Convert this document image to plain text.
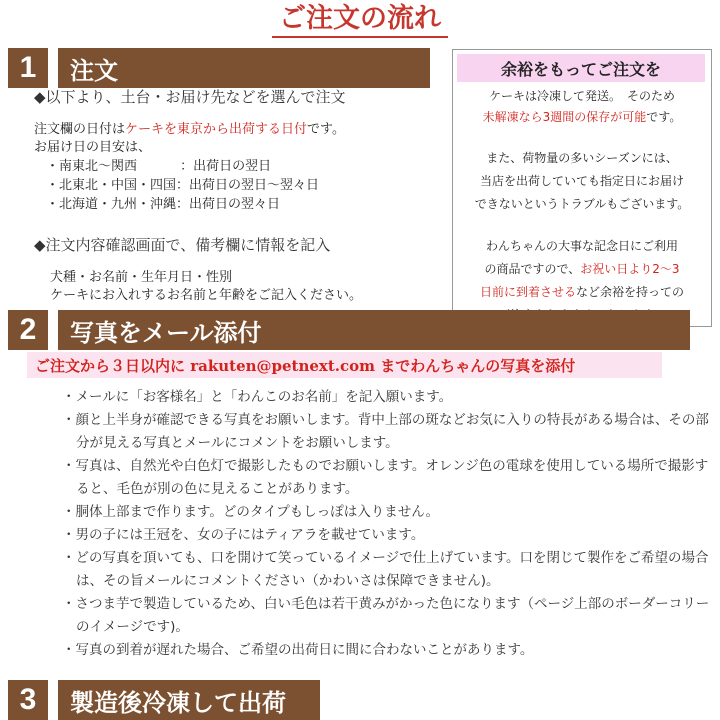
ご注文の流れ
1	注文
◆以下より、土台・お届け先などを選んで注文
注文欄の日付はケーキを東京から出荷する日付です。
お届け日の目安は、
・南東北〜関西　　　 ：出荷日の翌日
・北東北・中国・四国：出荷日の翌日〜翌々日
・北海道・九州・沖縄：出荷日の翌々日
◆注文内容確認画面で、備考欄に情報を記入
犬種・お名前・生年月日・性別
ケーキにお入れするお名前と年齢をご記入ください。
余裕をもってご注文を

ケーキは冷凍して発送。　そのため

未解凍なら3週間の保存が可能です。

また、荷物量の多いシーズンには、

当店を出荷していても指定日にお届け

できないというトラブルもございます。

わんちゃんの大事な記念日にご利用

の商品ですので、お祝い日より2〜3

日前に到着させるなど余裕を持っての

2	写真をメール添付
ご注文から３日以内に rakuten@petnext.com までわんちゃんの写真を添付
・メールに「お客様名」と「わんこのお名前」を記入願います。
・顔と上半身が確認できる写真をお願いします。背中上部の斑などお気に入りの特長がある場合は、その部分が見える写真とメールにコメントをお願いします。
・写真は、自然光や白色灯で撮影したものでお願いします。オレンジ色の電球を使用している場所で撮影すると、毛色が別の色に見えることがあります。
・胴体上部まで作ります。どのタイプもしっぽは入りません。
・男の子には王冠を、女の子にはティアラを載せています。
・どの写真を頂いても、口を開けて笑っているイメージで仕上げています。口を閉じて製作をご希望の場合は、その旨メールにコメントください（かわいさは保障できません)。
・さつま芋で製造しているため、白い毛色は若干黄みがかった色になります（ページ上部のボーダーコリーのイメージです)。
・写真の到着が遅れた場合、ご希望の出荷日に間に合わないことがあります。
3	製造後冷凍して出荷
